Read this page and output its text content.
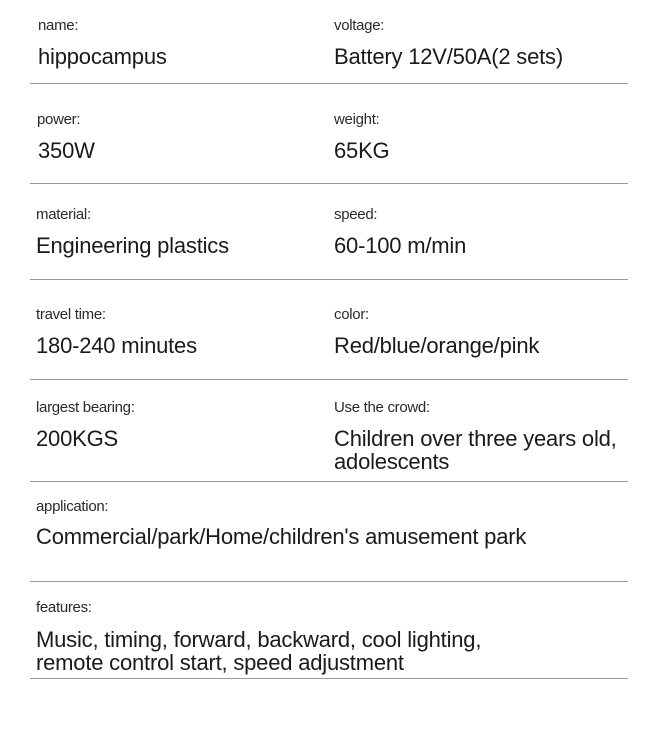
name:
hippocampus
voltage:
Battery 12V/50A(2 sets)
power:
350W
weight:
65KG
material:
Engineering plastics
speed:
60-100 m/min
travel time:
180-240 minutes
color:
Red/blue/orange/pink
largest bearing:
200KGS
Use the crowd:
Children over three years old, adolescents
application:
Commercial/park/Home/children's amusement park
features:
Music, timing, forward, backward, cool lighting, remote control start, speed adjustment
